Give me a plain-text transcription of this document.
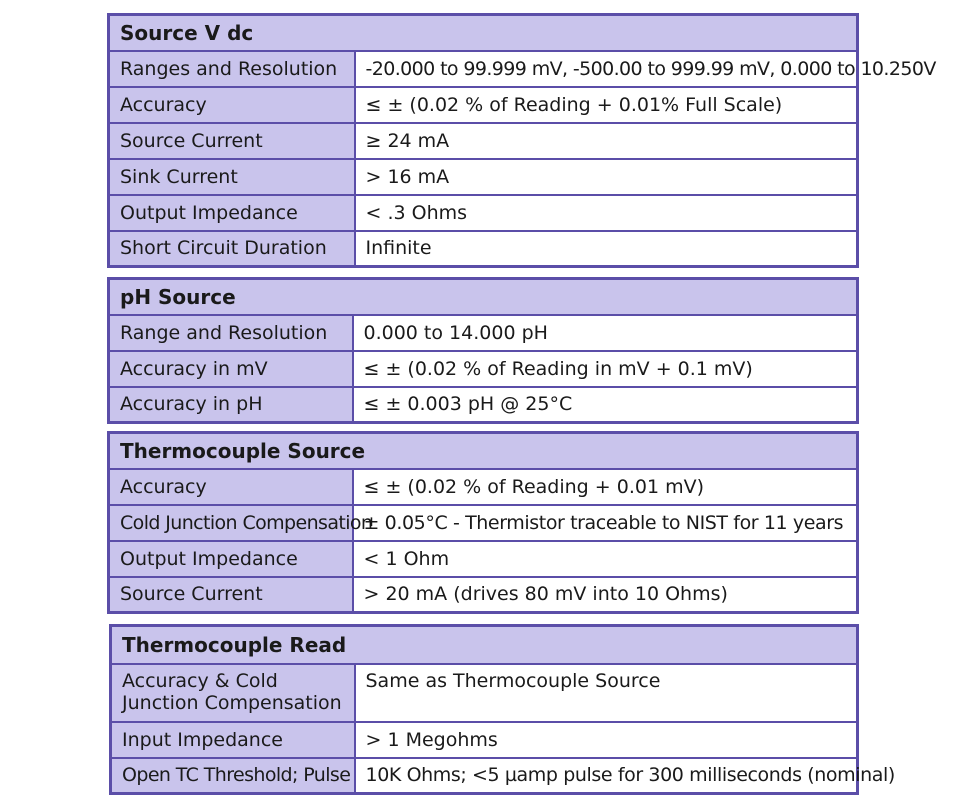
Source V dc	
Ranges and Resolution	-20.000 to 99.999 mV, -500.00 to 999.99 mV, 0.000 to 10.250V
Accuracy	≤ ± (0.02 % of Reading + 0.01% Full Scale)
Source Current	≥ 24 mA
Sink Current	> 16 mA
Output Impedance	< .3 Ohms
Short Circuit Duration	Infinite
pH Source	
Range and Resolution	0.000 to 14.000 pH
Accuracy in mV	≤ ± (0.02 % of Reading in mV + 0.1 mV)
Accuracy in pH	≤ ± 0.003 pH @ 25°C
Thermocouple Source	
Accuracy	≤ ± (0.02 % of Reading + 0.01 mV)
Cold Junction Compensation	± 0.05°C - Thermistor traceable to NIST for 11 years
Output Impedance	< 1 Ohm
Source Current	> 20 mA (drives 80 mV into 10 Ohms)
Thermocouple Read	
Accuracy & Cold Junction Compensation	Same as Thermocouple Source
Input Impedance	> 1 Megohms
Open TC Threshold; Pulse	10K Ohms; <5 µamp pulse for 300 milliseconds (nominal)
